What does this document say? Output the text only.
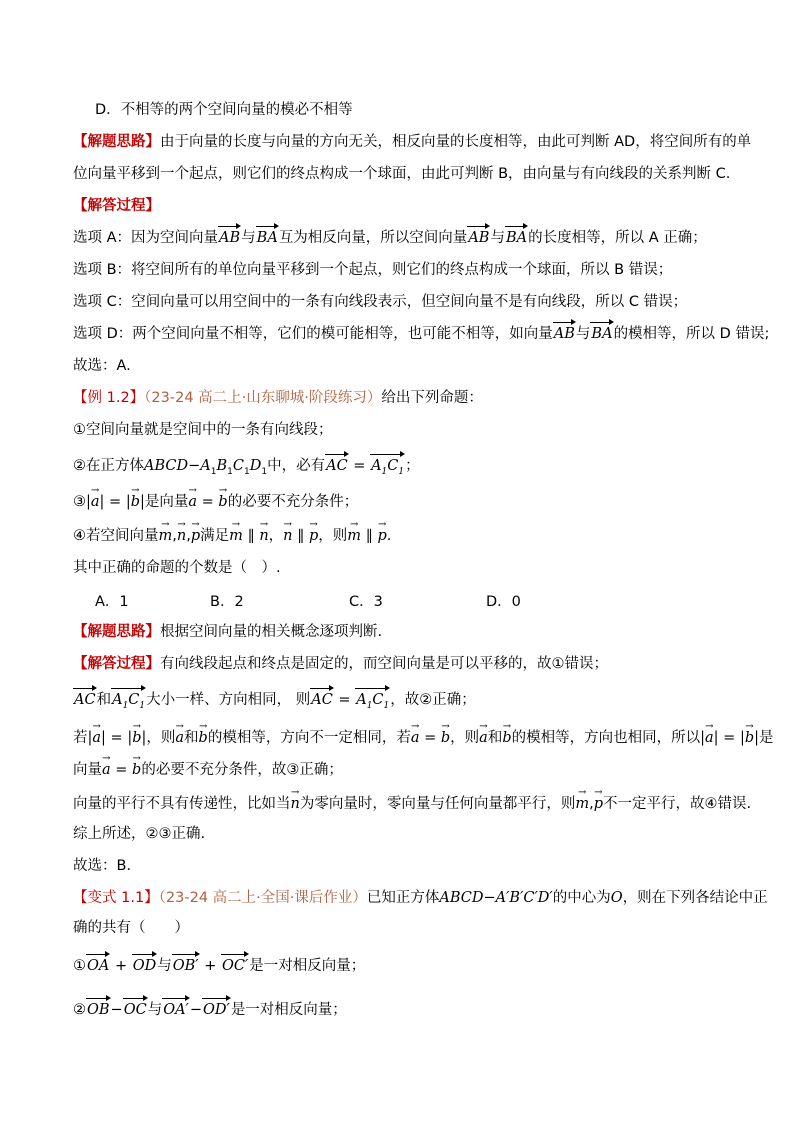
D．不相等的两个空间向量的模必不相等
【解题思路】由于向量的长度与向量的方向无关，相反向量的长度相等，由此可判断 AD，将空间所有的单
位向量平移到一个起点，则它们的终点构成一个球面，由此可判断 B，由向量与有向线段的关系判断 C.
【解答过程】
选项 A：因为空间向量AB与BA互为相反向量，所以空间向量AB与BA的长度相等，所以 A 正确；
选项 B：将空间所有的单位向量平移到一个起点，则它们的终点构成一个球面，所以 B 错误；
选项 C：空间向量可以用空间中的一条有向线段表示，但空间向量不是有向线段，所以 C 错误；
选项 D：两个空间向量不相等，它们的模可能相等，也可能不相等，如向量AB与BA的模相等，所以 D 错误;
故选：A.
【例 1.2】（23-24 高二上·山东聊城·阶段练习）给出下列命题：
①空间向量就是空间中的一条有向线段；
②在正方体$ABCD-A_1B_1C_1D_1$中，必有AC = $A_1C_1$；
③|a →| = |b →|是向量a → = b →的必要不充分条件；
④若空间向量m →,n →,p →满足m → ∥ n →，n → ∥ p →，则m → ∥ p →.
其中正确的命题的个数是（　）.
A．1	B．2	C．3	D．0
【解题思路】根据空间向量的相关概念逐项判断.
【解答过程】有向线段起点和终点是固定的，而空间向量是可以平移的，故①错误；
AC和$A_1C_1$大小一样、方向相同， 则AC = $A_1C_1$，故②正确；
若|a →| = |b →|，则a →和b →的模相等，方向不一定相同，若a → = b →，则a →和b →的模相等，方向也相同，所以|a →| = |b →|是
向量a → = b →的必要不充分条件，故③正确；
向量的平行不具有传递性，比如当n →为零向量时，零向量与任何向量都平行，则m →,p →不一定平行，故④错误.
综上所述，②③正确.
故选：B．
【变式 1.1】（23-24 高二上·全国·课后作业）已知正方体ABCD−A′B′C′D′的中心为O，则在下列各结论中正
确的共有（　　）
①OA + OD与OB′ + OC′是一对相反向量；
②OB−OC与OA′−OD′是一对相反向量；
